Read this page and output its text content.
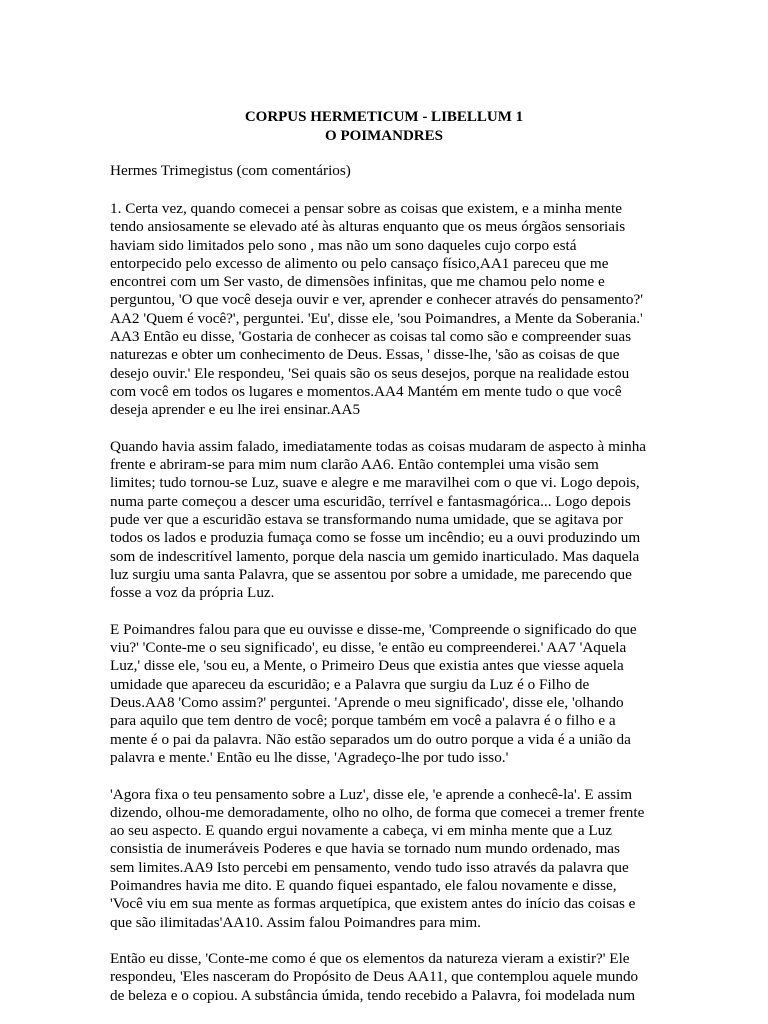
CORPUS HERMETICUM - LIBELLUM 1
O POIMANDRES
Hermes Trimegistus (com comentários)

1. Certa vez, quando comecei a pensar sobre as coisas que existem, e a minha mente
tendo ansiosamente se elevado até às alturas enquanto que os meus órgãos sensoriais
haviam sido limitados pelo sono , mas não um sono daqueles cujo corpo está
entorpecido pelo excesso de alimento ou pelo cansaço físico,AA1 pareceu que me
encontrei com um Ser vasto, de dimensões infinitas, que me chamou pelo nome e
perguntou, 'O que você deseja ouvir e ver, aprender e conhecer através do pensamento?'
AA2 'Quem é você?', perguntei. 'Eu', disse ele, 'sou Poimandres, a Mente da Soberania.'
AA3 Então eu disse, 'Gostaria de conhecer as coisas tal como são e compreender suas
naturezas e obter um conhecimento de Deus. Essas, ' disse-lhe, 'são as coisas de que
desejo ouvir.' Ele respondeu, 'Sei quais são os seus desejos, porque na realidade estou
com você em todos os lugares e momentos.AA4 Mantém em mente tudo o que você
deseja aprender e eu lhe irei ensinar.AA5

Quando havia assim falado, imediatamente todas as coisas mudaram de aspecto à minha
frente e abriram-se para mim num clarão AA6. Então contemplei uma visão sem
limites; tudo tornou-se Luz, suave e alegre e me maravilhei com o que vi. Logo depois,
numa parte começou a descer uma escuridão, terrível e fantasmagórica... Logo depois
pude ver que a escuridão estava se transformando numa umidade, que se agitava por
todos os lados e produzia fumaça como se fosse um incêndio; eu a ouvi produzindo um
som de indescritível lamento, porque dela nascia um gemido inarticulado. Mas daquela
luz surgiu uma santa Palavra, que se assentou por sobre a umidade, me parecendo que
fosse a voz da própria Luz.

E Poimandres falou para que eu ouvisse e disse-me, 'Compreende o significado do que
viu?' 'Conte-me o seu significado', eu disse, 'e então eu compreenderei.' AA7 'Aquela
Luz,' disse ele, 'sou eu, a Mente, o Primeiro Deus que existia antes que viesse aquela
umidade que apareceu da escuridão; e a Palavra que surgiu da Luz é o Filho de
Deus.AA8 'Como assim?' perguntei. 'Aprende o meu significado', disse ele, 'olhando
para aquilo que tem dentro de você; porque também em você a palavra é o filho e a
mente é o pai da palavra. Não estão separados um do outro porque a vida é a união da
palavra e mente.' Então eu lhe disse, 'Agradeço-lhe por tudo isso.'

'Agora fixa o teu pensamento sobre a Luz', disse ele, 'e aprende a conhecê-la'. E assim
dizendo, olhou-me demoradamente, olho no olho, de forma que comecei a tremer frente
ao seu aspecto. E quando ergui novamente a cabeça, vi em minha mente que a Luz
consistia de inumeráveis Poderes e que havia se tornado num mundo ordenado, mas
sem limites.AA9 Isto percebi em pensamento, vendo tudo isso através da palavra que
Poimandres havia me dito. E quando fiquei espantado, ele falou novamente e disse,
'Você viu em sua mente as formas arquetípica, que existem antes do início das coisas e
que são ilimitadas'AA10. Assim falou Poimandres para mim.

Então eu disse, 'Conte-me como é que os elementos da natureza vieram a existir?' Ele
respondeu, 'Eles nasceram do Propósito de Deus AA11, que contemplou aquele mundo
de beleza e o copiou. A substância úmida, tendo recebido a Palavra, foi modelada num
